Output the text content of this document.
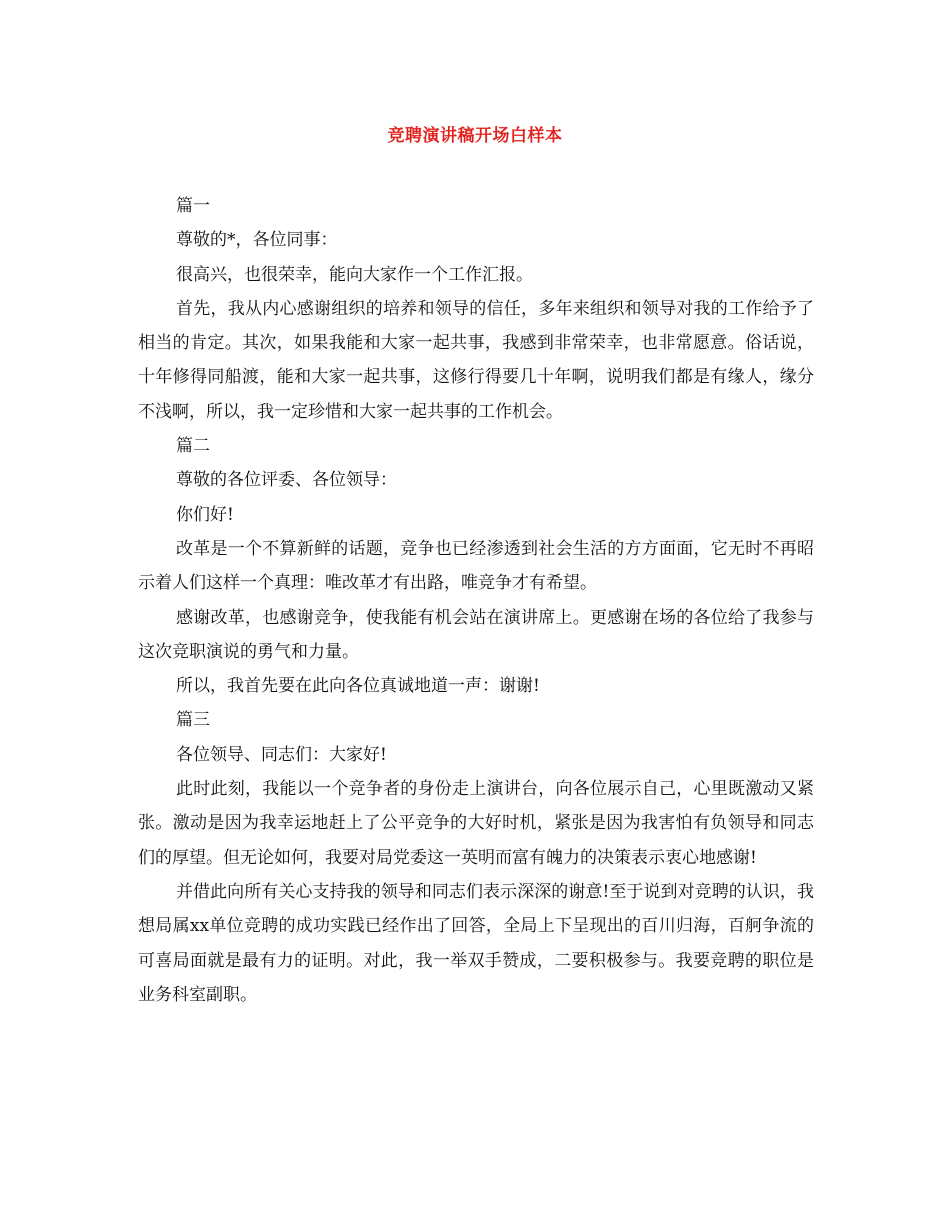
竞聘演讲稿开场白样本

篇一

尊敬的*，各位同事：

很高兴，也很荣幸，能向大家作一个工作汇报。

首先，我从内心感谢组织的培养和领导的信任，多年来组织和领导对我的工作给予了相当的肯定。其次，如果我能和大家一起共事，我感到非常荣幸，也非常愿意。俗话说，十年修得同船渡，能和大家一起共事，这修行得要几十年啊，说明我们都是有缘人，缘分不浅啊，所以，我一定珍惜和大家一起共事的工作机会。

篇二

尊敬的各位评委、各位领导：

你们好!

改革是一个不算新鲜的话题，竞争也已经渗透到社会生活的方方面面，它无时不再昭示着人们这样一个真理：唯改革才有出路，唯竞争才有希望。

感谢改革，也感谢竞争，使我能有机会站在演讲席上。更感谢在场的各位给了我参与这次竞职演说的勇气和力量。

所以，我首先要在此向各位真诚地道一声：谢谢!

篇三

各位领导、同志们：大家好!

此时此刻，我能以一个竞争者的身份走上演讲台，向各位展示自己，心里既激动又紧张。激动是因为我幸运地赶上了公平竞争的大好时机，紧张是因为我害怕有负领导和同志们的厚望。但无论如何，我要对局党委这一英明而富有魄力的决策表示衷心地感谢!

并借此向所有关心支持我的领导和同志们表示深深的谢意!至于说到对竞聘的认识，我想局属xx单位竞聘的成功实践已经作出了回答，全局上下呈现出的百川归海，百舸争流的可喜局面就是最有力的证明。对此，我一举双手赞成，二要积极参与。我要竞聘的职位是业务科室副职。
